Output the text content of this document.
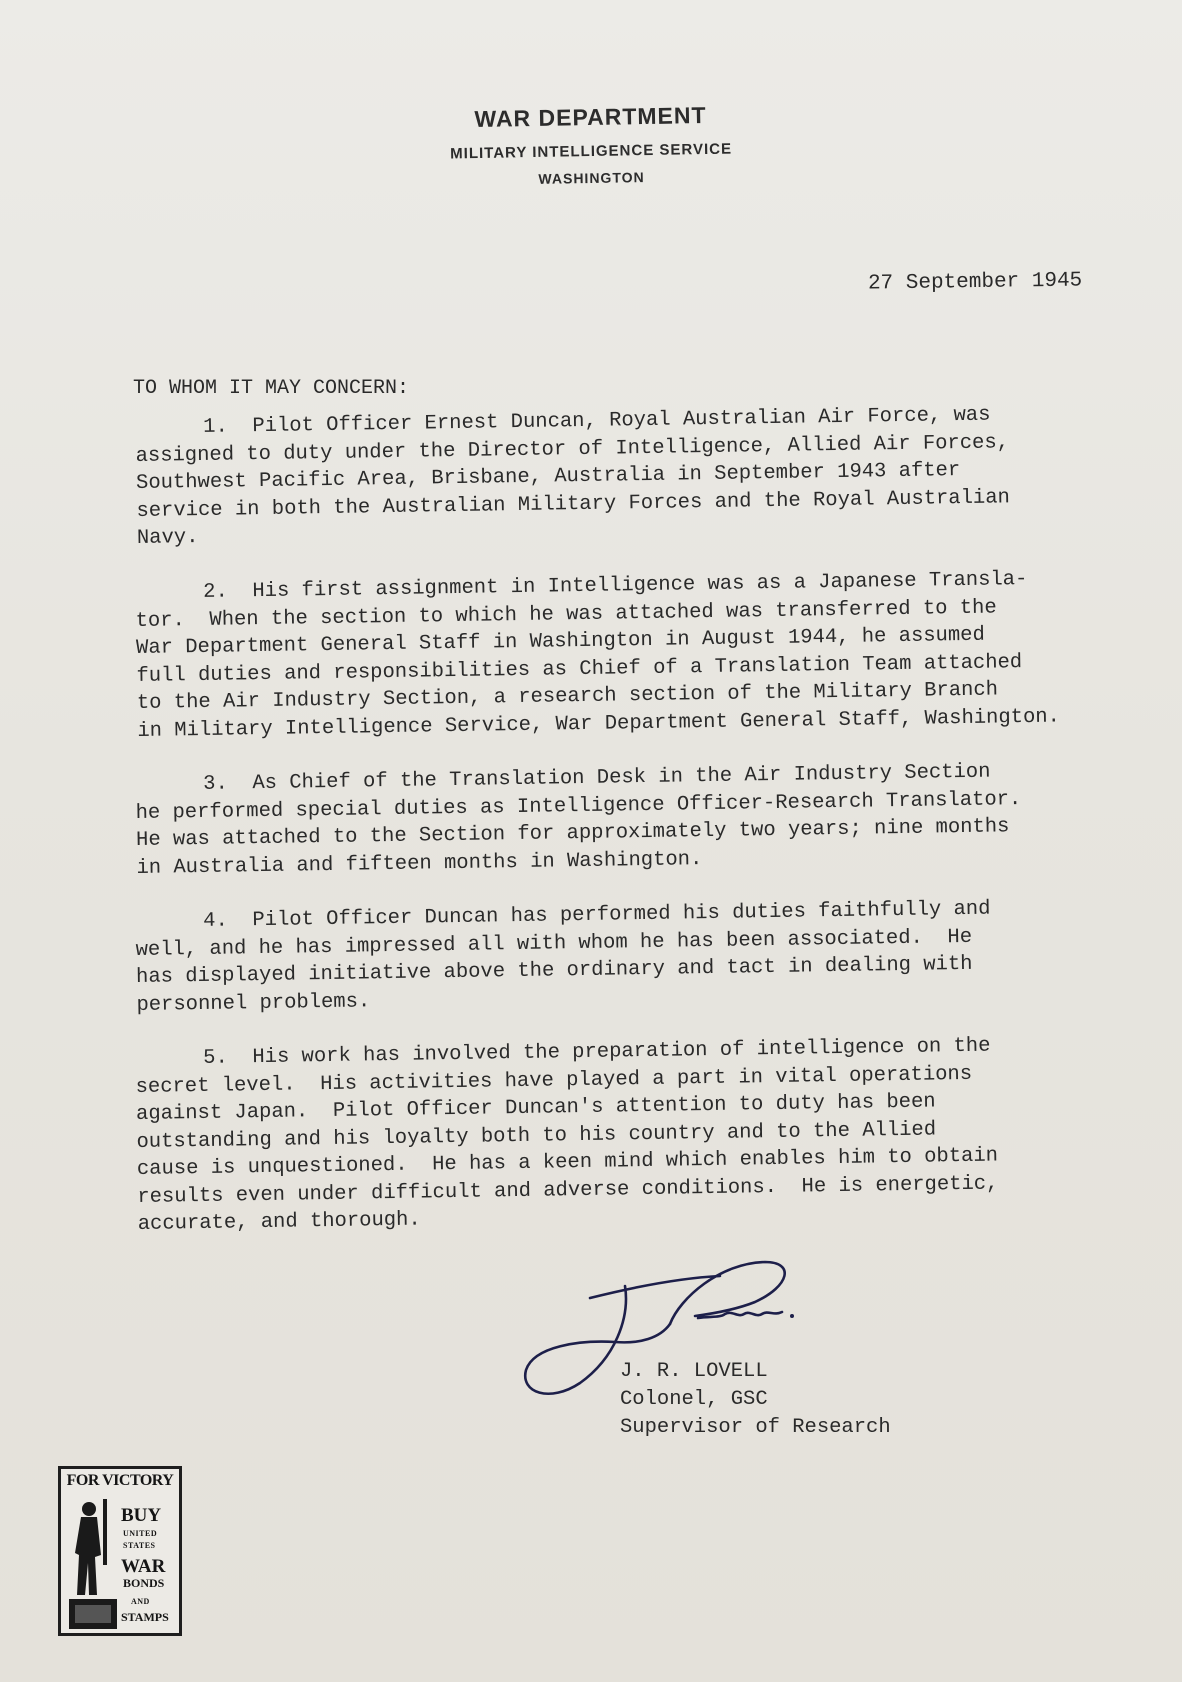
WAR DEPARTMENT
MILITARY INTELLIGENCE SERVICE
WASHINGTON
27 September 1945
TO WHOM IT MAY CONCERN:
1.  Pilot Officer Ernest Duncan, Royal Australian Air Force, was
assigned to duty under the Director of Intelligence, Allied Air Forces,
Southwest Pacific Area, Brisbane, Australia in September 1943 after
service in both the Australian Military Forces and the Royal Australian
Navy.
2.  His first assignment in Intelligence was as a Japanese Transla-
tor.  When the section to which he was attached was transferred to the
War Department General Staff in Washington in August 1944, he assumed
full duties and responsibilities as Chief of a Translation Team attached
to the Air Industry Section, a research section of the Military Branch
in Military Intelligence Service, War Department General Staff, Washington.
3.  As Chief of the Translation Desk in the Air Industry Section
he performed special duties as Intelligence Officer-Research Translator.
He was attached to the Section for approximately two years; nine months
in Australia and fifteen months in Washington.
4.  Pilot Officer Duncan has performed his duties faithfully and
well, and he has impressed all with whom he has been associated.  He
has displayed initiative above the ordinary and tact in dealing with
personnel problems.
5.  His work has involved the preparation of intelligence on the
secret level.  His activities have played a part in vital operations
against Japan.  Pilot Officer Duncan's attention to duty has been
outstanding and his loyalty both to his country and to the Allied
cause is unquestioned.  He has a keen mind which enables him to obtain
results even under difficult and adverse conditions.  He is energetic,
accurate, and thorough.
J. R. LOVELL
Colonel, GSC
Supervisor of Research
FOR VICTORY
BUY
UNITED
STATES
WAR
BONDS
AND
STAMPS
